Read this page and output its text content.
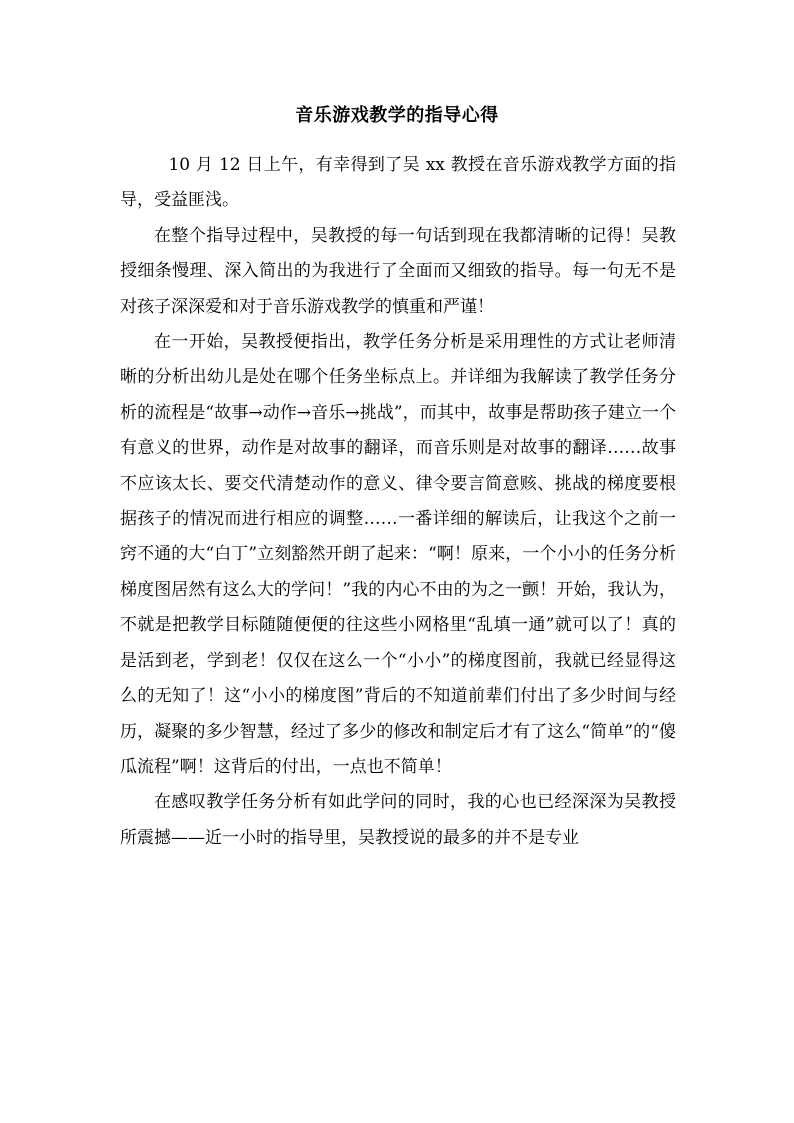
音乐游戏教学的指导心得

10 月 12 日上午，有幸得到了吴 xx 教授在音乐游戏教学方面的指导，受益匪浅。

在整个指导过程中，吴教授的每一句话到现在我都清晰的记得！吴教授细条慢理、深入简出的为我进行了全面而又细致的指导。每一句无不是对孩子深深爱和对于音乐游戏教学的慎重和严谨！

在一开始，吴教授便指出，教学任务分析是采用理性的方式让老师清晰的分析出幼儿是处在哪个任务坐标点上。并详细为我解读了教学任务分析的流程是“故事→动作→音乐→挑战”，而其中，故事是帮助孩子建立一个有意义的世界，动作是对故事的翻译，而音乐则是对故事的翻译……故事不应该太长、要交代清楚动作的意义、律令要言简意赅、挑战的梯度要根据孩子的情况而进行相应的调整……一番详细的解读后，让我这个之前一窍不通的大“白丁”立刻豁然开朗了起来：“啊！原来，一个小小的任务分析梯度图居然有这么大的学问！”我的内心不由的为之一颤！开始，我认为，不就是把教学目标随随便便的往这些小网格里“乱填一通”就可以了！真的是活到老，学到老！仅仅在这么一个“小小”的梯度图前，我就已经显得这么的无知了！这“小小的梯度图”背后的不知道前辈们付出了多少时间与经历，凝聚的多少智慧，经过了多少的修改和制定后才有了这么“简单”的“傻瓜流程”啊！这背后的付出，一点也不简单！

在感叹教学任务分析有如此学问的同时，我的心也已经深深为吴教授所震撼——近一小时的指导里，吴教授说的最多的并不是专业
